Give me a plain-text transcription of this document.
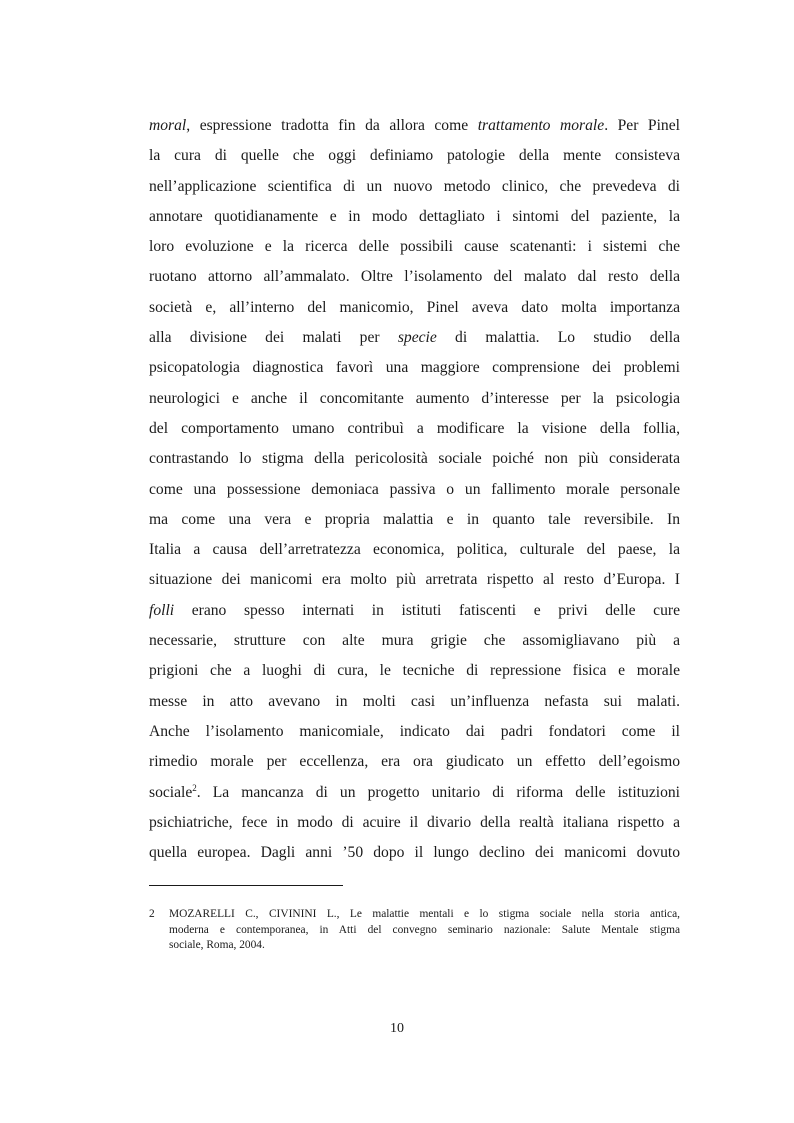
moral, espressione tradotta fin da allora come trattamento morale. Per Pinel
la cura di quelle che oggi definiamo patologie della mente consisteva
nell’applicazione scientifica di un nuovo metodo clinico, che prevedeva di
annotare quotidianamente e in modo dettagliato i sintomi del paziente, la
loro evoluzione e la ricerca delle possibili cause scatenanti: i sistemi che
ruotano attorno all’ammalato. Oltre l’isolamento del malato dal resto della
società e, all’interno del manicomio, Pinel aveva dato molta importanza
alla divisione dei malati per specie di malattia. Lo studio della
psicopatologia diagnostica favorì una maggiore comprensione dei problemi
neurologici e anche il concomitante aumento d’interesse per la psicologia
del comportamento umano contribuì a modificare la visione della follia,
contrastando lo stigma della pericolosità sociale poiché non più considerata
come una possessione demoniaca passiva o un fallimento morale personale
ma come una vera e propria malattia e in quanto tale reversibile. In
Italia a causa dell’arretratezza economica, politica, culturale del paese, la
situazione dei manicomi era molto più arretrata rispetto al resto d’Europa. I
folli erano spesso internati in istituti fatiscenti e privi delle cure
necessarie, strutture con alte mura grigie che assomigliavano più a
prigioni che a luoghi di cura, le tecniche di repressione fisica e morale
messe in atto avevano in molti casi un’influenza nefasta sui malati.
Anche l’isolamento manicomiale, indicato dai padri fondatori come il
rimedio morale per eccellenza, era ora giudicato un effetto dell’egoismo
sociale$^2$. La mancanza di un progetto unitario di riforma delle istituzioni
psichiatriche, fece in modo di acuire il divario della realtà italiana rispetto a
quella europea. Dagli anni ’50 dopo il lungo declino dei manicomi dovuto
2	MOZARELLI C., CIVININI L., Le malattie mentali e lo stigma sociale nella storia antica,
moderna e contemporanea, in Atti del convegno seminario nazionale: Salute Mentale stigma
sociale, Roma, 2004.
10
